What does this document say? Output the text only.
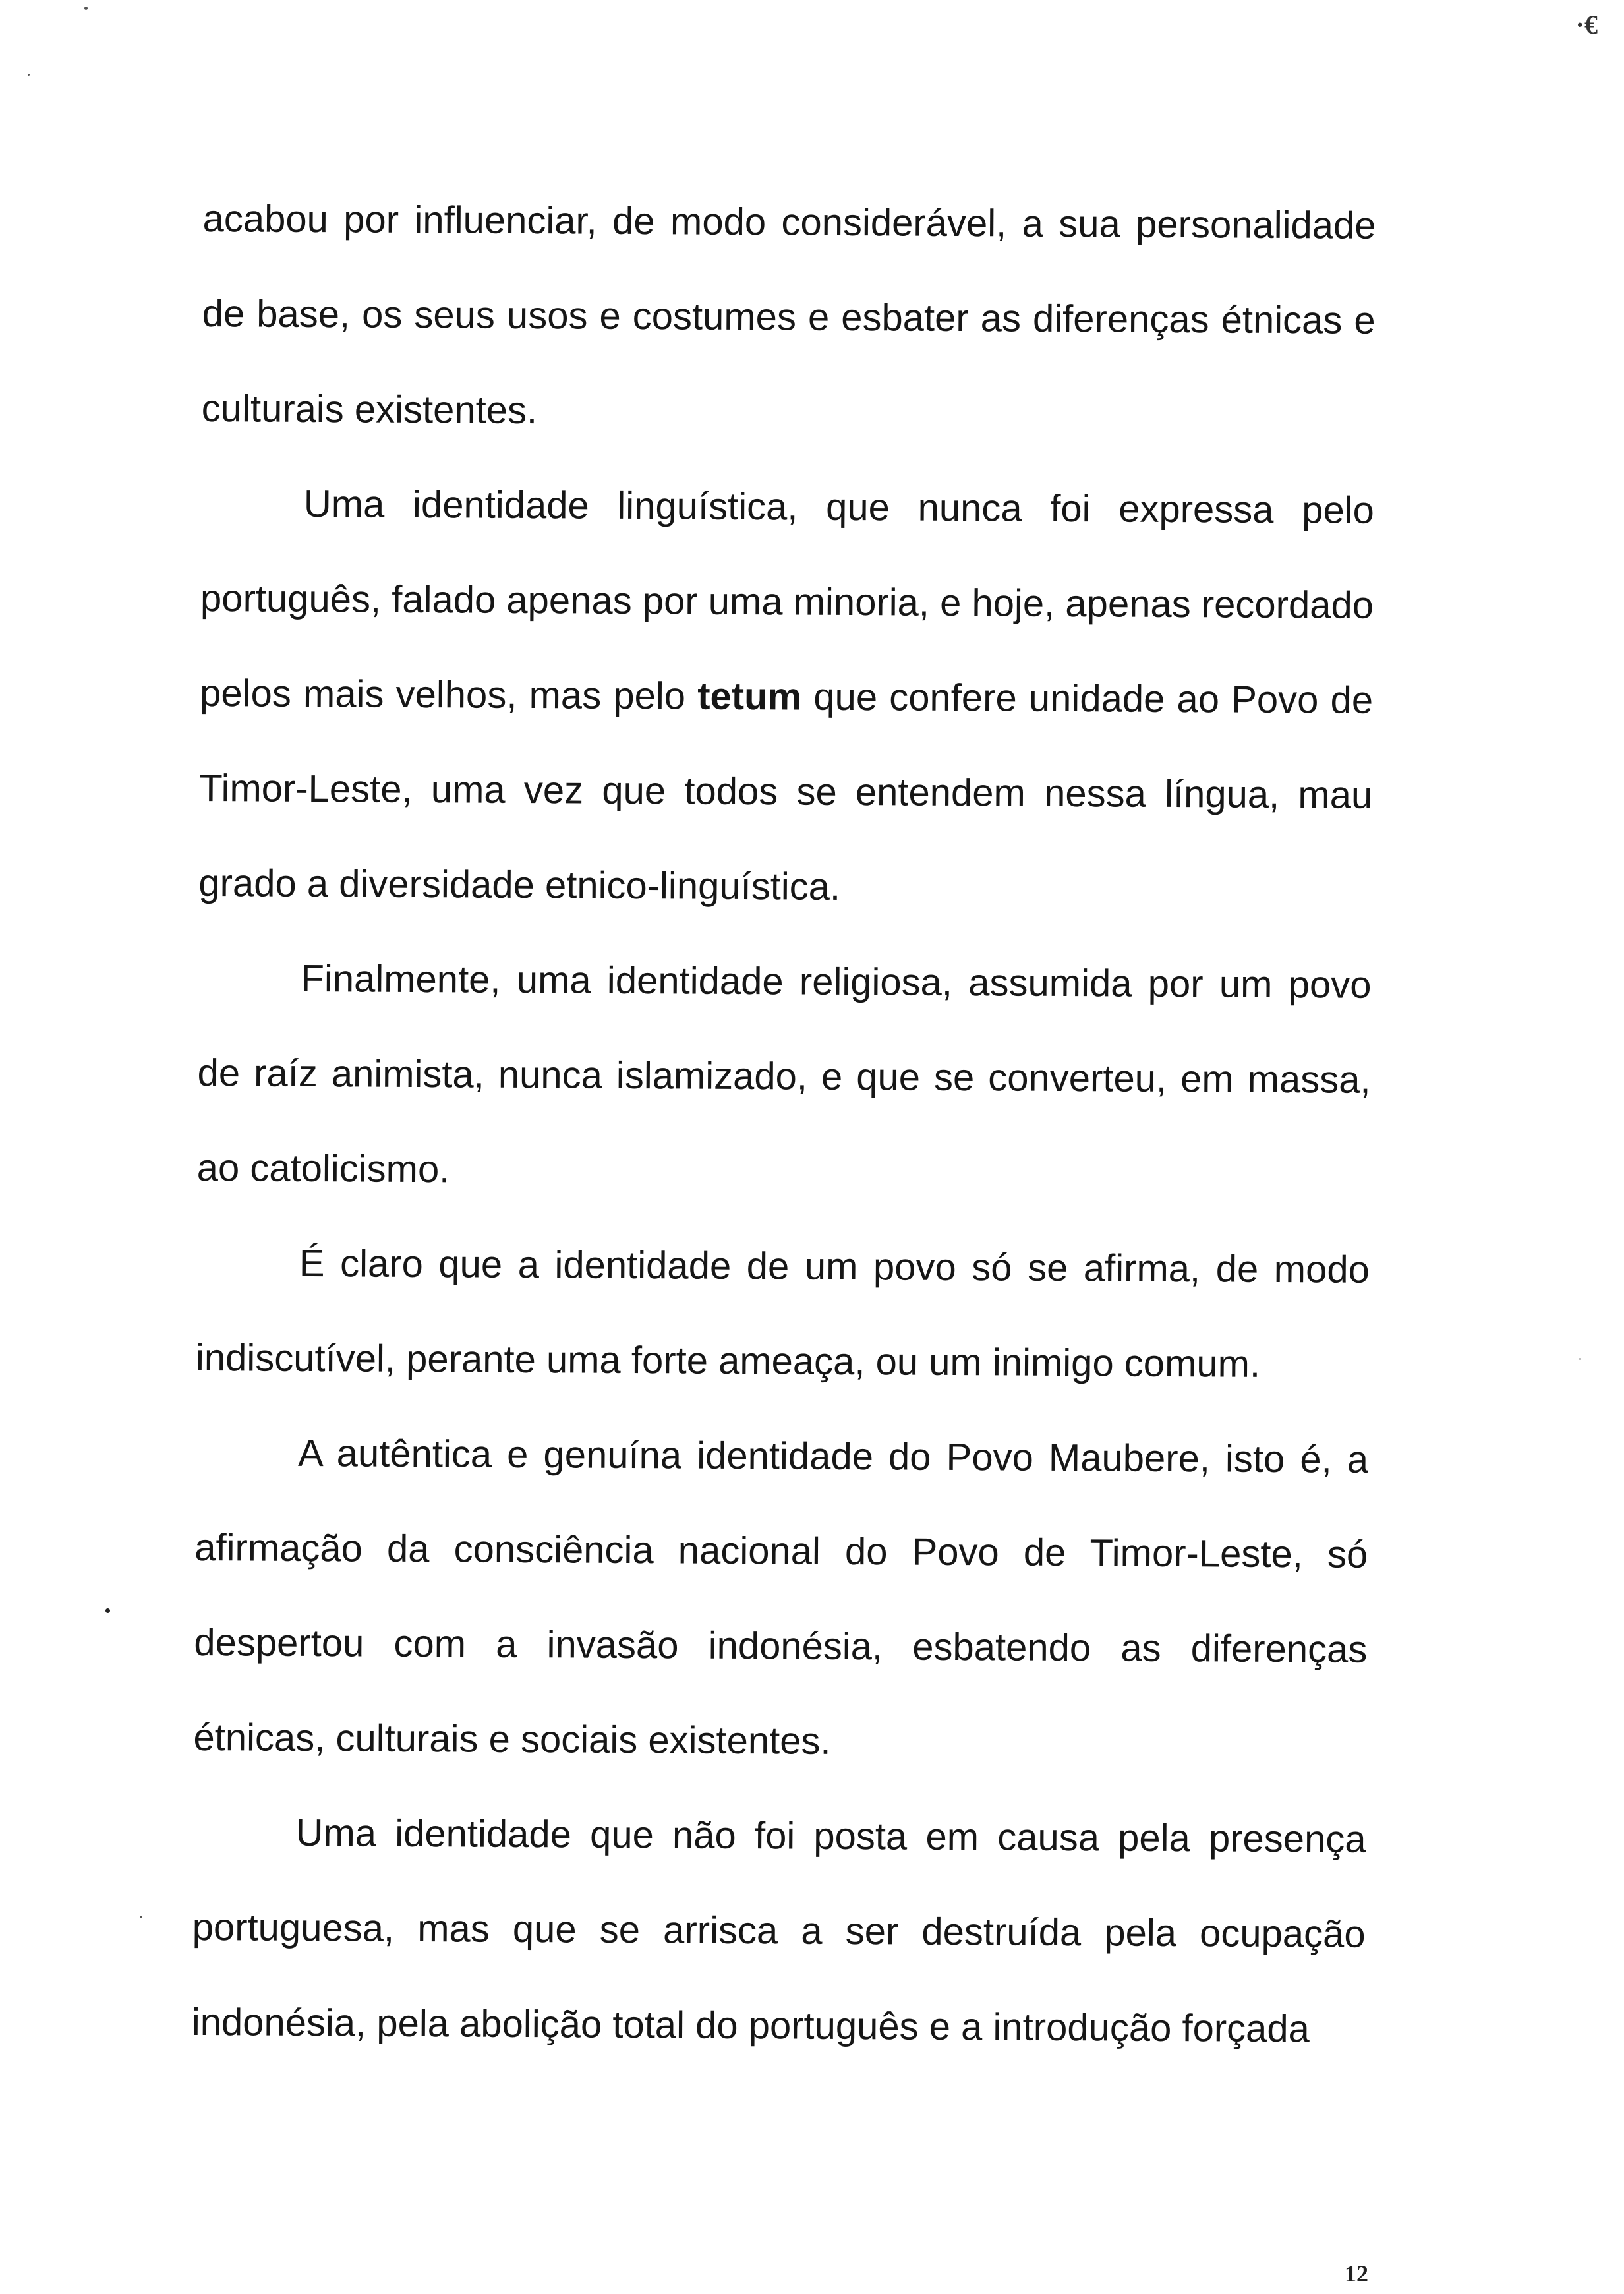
·€

acabou por influenciar, de modo considerável, a sua personalidade de base, os seus usos e costumes e esbater as diferenças étnicas e culturais existentes.

Uma identidade linguística, que nunca foi expressa pelo português, falado apenas por uma minoria, e hoje, apenas recordado pelos mais velhos, mas pelo tetum que confere unidade ao Povo de Timor-Leste, uma vez que todos se entendem nessa língua, mau grado a diversidade etnico-linguística.

Finalmente, uma identidade religiosa, assumida por um povo de raíz animista, nunca islamizado, e que se converteu, em massa, ao catolicismo.

É claro que a identidade de um povo só se afirma, de modo indiscutível, perante uma forte ameaça, ou um inimigo comum.

A autêntica e genuína identidade do Povo Maubere, isto é, a afirmação da consciência nacional do Povo de Timor-Leste, só despertou com a invasão indonésia, esbatendo as diferenças étnicas, culturais e sociais existentes.

Uma identidade que não foi posta em causa pela presença portuguesa, mas que se arrisca a ser destruída pela ocupação indonésia, pela abolição total do português e a introdução forçada

12
